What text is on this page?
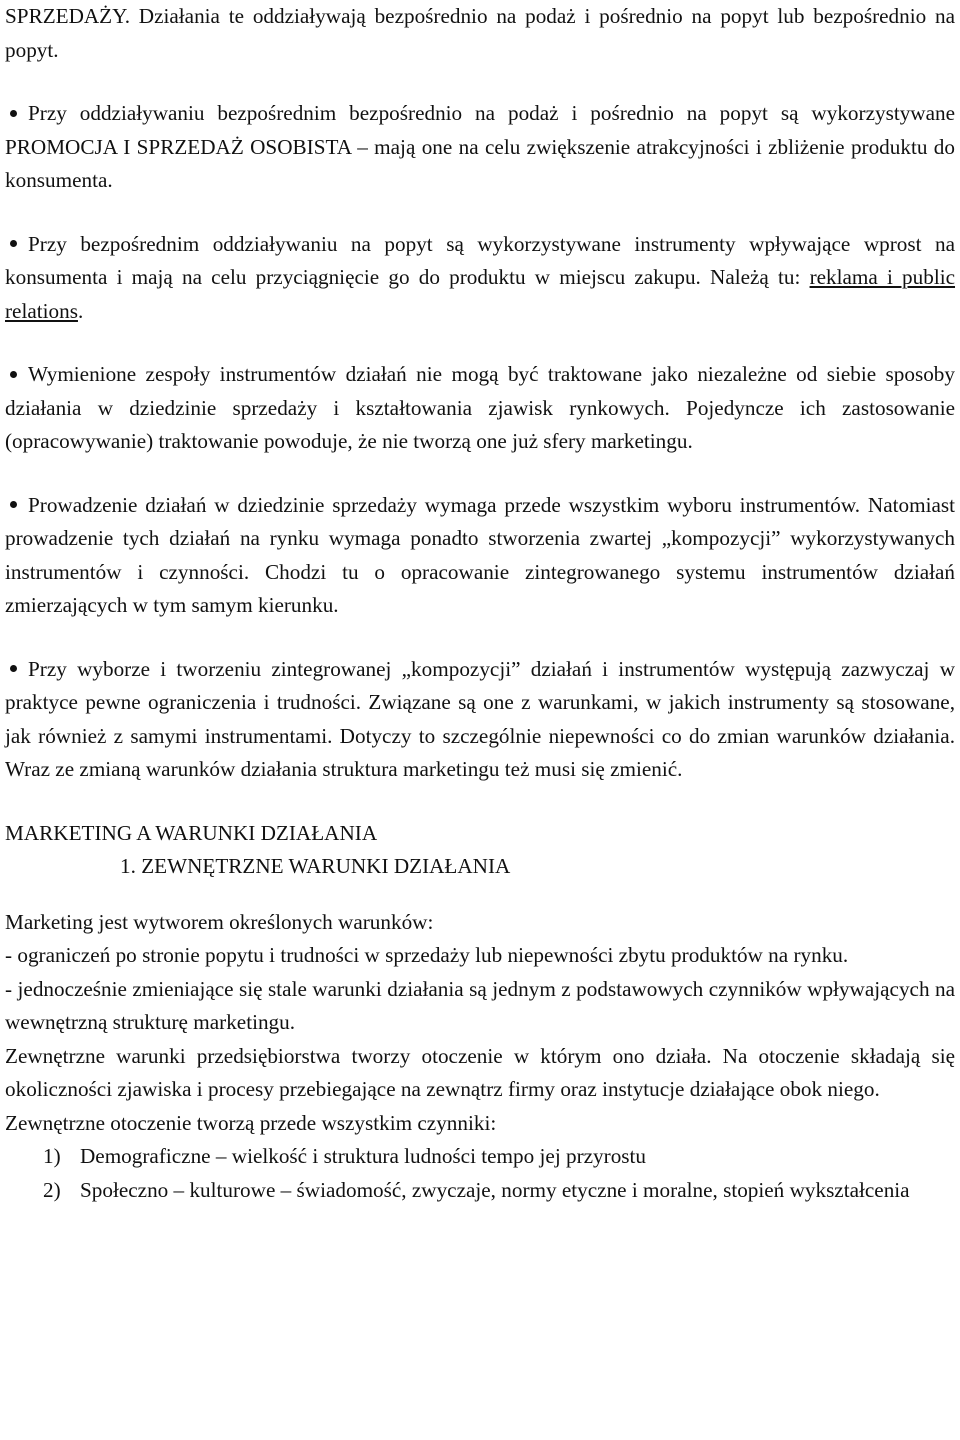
SPRZEDAŻY. Działania te oddziaływają bezpośrednio na podaż i pośrednio na popyt lub bezpośrednio na popyt.

Przy oddziaływaniu bezpośrednim bezpośrednio na podaż i pośrednio na popyt są wykorzystywane PROMOCJA I SPRZEDAŻ OSOBISTA – mają one na celu zwiększenie atrakcyjności i zbliżenie produktu do konsumenta.

Przy bezpośrednim oddziaływaniu na popyt są wykorzystywane instrumenty wpływające wprost na konsumenta i mają na celu przyciągnięcie go do produktu w miejscu zakupu. Należą tu: reklama i public relations.

Wymienione zespoły instrumentów działań nie mogą być traktowane jako niezależne od siebie sposoby działania w dziedzinie sprzedaży i kształtowania zjawisk rynkowych. Pojedyncze ich zastosowanie (opracowywanie) traktowanie powoduje, że nie tworzą one już sfery marketingu.

Prowadzenie działań w dziedzinie sprzedaży wymaga przede wszystkim wyboru instrumentów. Natomiast prowadzenie tych działań na rynku wymaga ponadto stworzenia zwartej „kompozycji” wykorzystywanych instrumentów i czynności. Chodzi tu o opracowanie zintegrowanego systemu instrumentów działań zmierzających w tym samym kierunku.

Przy wyborze i tworzeniu zintegrowanej „kompozycji” działań i instrumentów występują zazwyczaj w praktyce pewne ograniczenia i trudności. Związane są one z warunkami, w jakich instrumenty są stosowane, jak również z samymi instrumentami. Dotyczy to szczególnie niepewności co do zmian warunków działania. Wraz ze zmianą warunków działania struktura marketingu też musi się zmienić.

MARKETING A WARUNKI DZIAŁANIA

1. ZEWNĘTRZNE WARUNKI DZIAŁANIA

Marketing jest wytworem określonych warunków:

- ograniczeń po stronie popytu i trudności w sprzedaży lub niepewności zbytu produktów na rynku.

- jednocześnie zmieniające się stale warunki działania są jednym z podstawowych czynników wpływających na wewnętrzną strukturę marketingu.

Zewnętrzne warunki przedsiębiorstwa tworzy otoczenie w którym ono działa. Na otoczenie składają się okoliczności zjawiska i procesy przebiegające na zewnątrz firmy oraz instytucje działające obok niego.

Zewnętrzne otoczenie tworzą przede wszystkim czynniki:

1) Demograficzne – wielkość i struktura ludności tempo jej przyrostu
2) Społeczno – kulturowe – świadomość, zwyczaje, normy etyczne i moralne, stopień wykształcenia
